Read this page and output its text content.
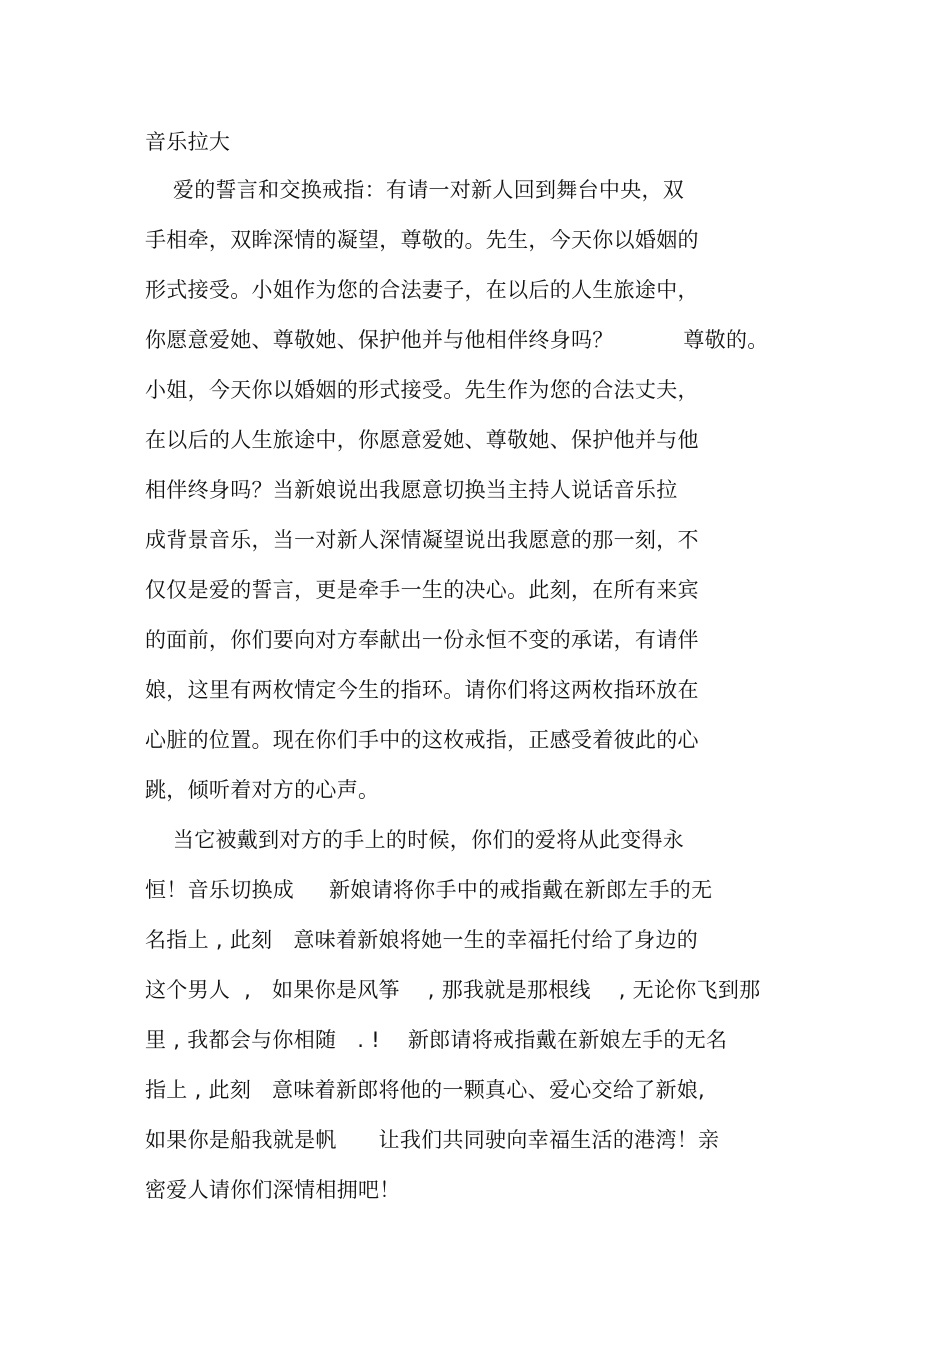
音乐拉大
爱的誓言和交换戒指：有请一对新人回到舞台中央，双
手相牵，双眸深情的凝望，尊敬的。先生，今天你以婚姻的
形式接受。小姐作为您的合法妻子，在以后的人生旅途中，
你愿意爱她、尊敬她、保护他并与他相伴终身吗？          尊敬的。
小姐，今天你以婚姻的形式接受。先生作为您的合法丈夫，
在以后的人生旅途中，你愿意爱她、尊敬她、保护他并与他
相伴终身吗？当新娘说出我愿意切换当主持人说话音乐拉
成背景音乐，当一对新人深情凝望说出我愿意的那一刻，不
仅仅是爱的誓言，更是牵手一生的决心。此刻，在所有来宾
的面前，你们要向对方奉献出一份永恒不变的承诺，有请伴
娘，这里有两枚情定今生的指环。请你们将这两枚指环放在
心脏的位置。现在你们手中的这枚戒指，正感受着彼此的心
跳，倾听着对方的心声。
当它被戴到对方的手上的时候，你们的爱将从此变得永
恒！音乐切换成     新娘请将你手中的戒指戴在新郎左手的无
名指上 , 此刻   意味着新娘将她一生的幸福托付给了身边的
这个男人  ,   如果你是风筝    , 那我就是那根线    , 无论你飞到那
里 , 我都会与你相随   . !    新郎请将戒指戴在新娘左手的无名
指上 , 此刻   意味着新郎将他的一颗真心、爱心交给了新娘,
如果你是船我就是帆      让我们共同驶向幸福生活的港湾！亲
密爱人请你们深情相拥吧！
